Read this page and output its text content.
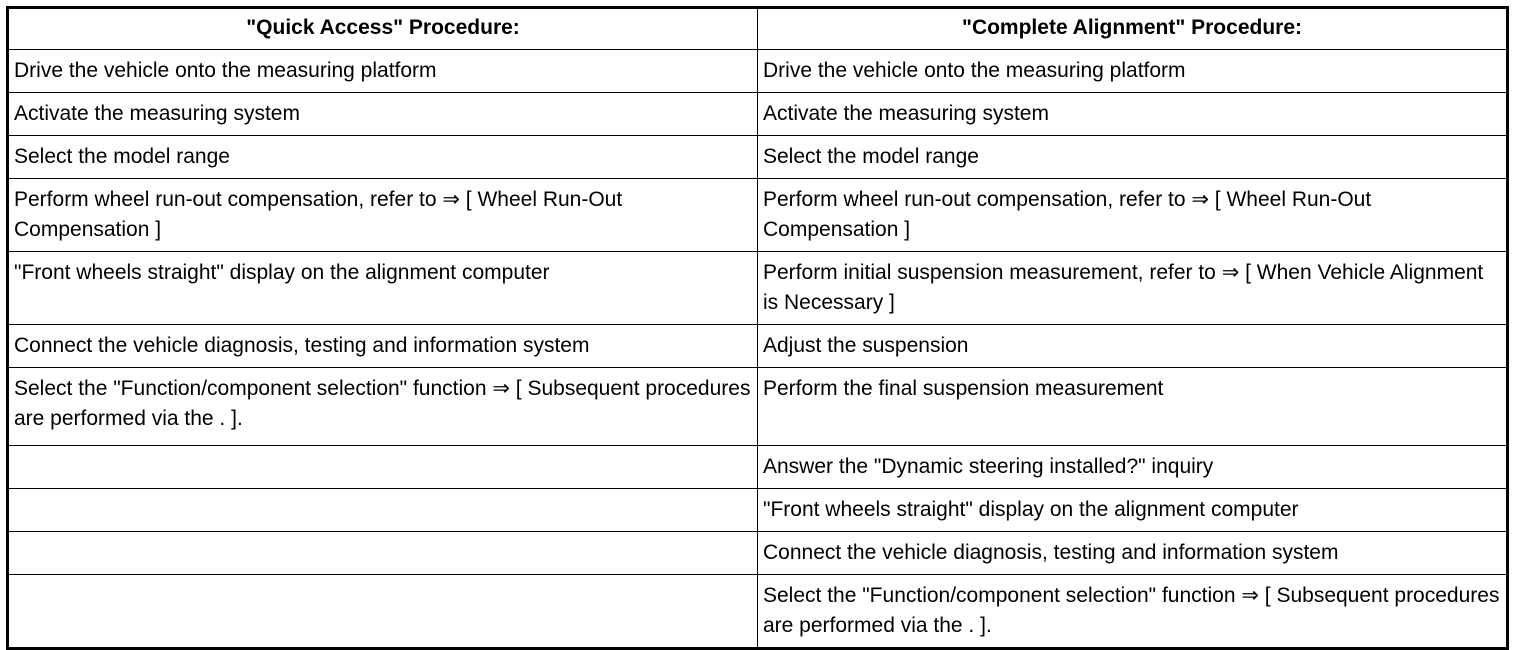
"Quick Access" Procedure:	"Complete Alignment" Procedure:
Drive the vehicle onto the measuring platform	Drive the vehicle onto the measuring platform
Activate the measuring system	Activate the measuring system
Select the model range	Select the model range
Perform wheel run-out compensation, refer to ⇒ [ Wheel Run-Out Compensation ]	Perform wheel run-out compensation, refer to ⇒ [ Wheel Run-Out Compensation ]
"Front wheels straight" display on the alignment computer	Perform initial suspension measurement, refer to ⇒ [ When Vehicle Alignment is Necessary ]
Connect the vehicle diagnosis, testing and information system	Adjust the suspension
Select the "Function/component selection" function ⇒ [ Subsequent procedures are performed via the . ].	Perform the final suspension measurement
	Answer the "Dynamic steering installed?" inquiry
	"Front wheels straight" display on the alignment computer
	Connect the vehicle diagnosis, testing and information system
	Select the "Function/component selection" function ⇒ [ Subsequent procedures are performed via the . ].
